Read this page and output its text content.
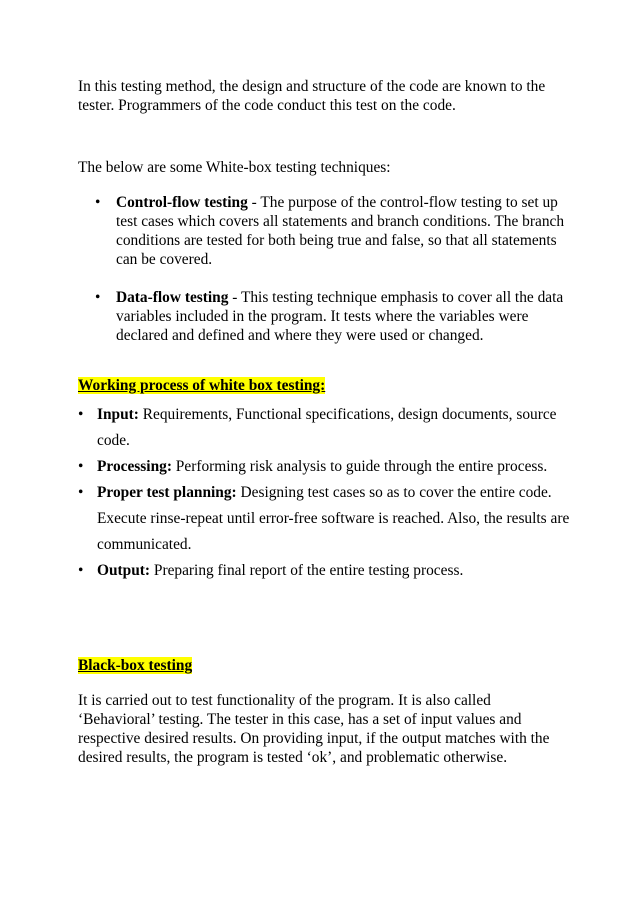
In this testing method, the design and structure of the code are known to the tester. Programmers of the code conduct this test on the code.

The below are some White-box testing techniques:

• Control-flow testing - The purpose of the control-flow testing to set up test cases which covers all statements and branch conditions. The branch conditions are tested for both being true and false, so that all statements can be covered.
• Data-flow testing - This testing technique emphasis to cover all the data variables included in the program. It tests where the variables were declared and defined and where they were used or changed.

Working process of white box testing:

• Input: Requirements, Functional specifications, design documents, source code.
• Processing: Performing risk analysis to guide through the entire process.
• Proper test planning: Designing test cases so as to cover the entire code. Execute rinse-repeat until error-free software is reached. Also, the results are communicated.
• Output: Preparing final report of the entire testing process.

Black-box testing

It is carried out to test functionality of the program. It is also called ‘Behavioral’ testing. The tester in this case, has a set of input values and respective desired results. On providing input, if the output matches with the desired results, the program is tested ‘ok’, and problematic otherwise.
